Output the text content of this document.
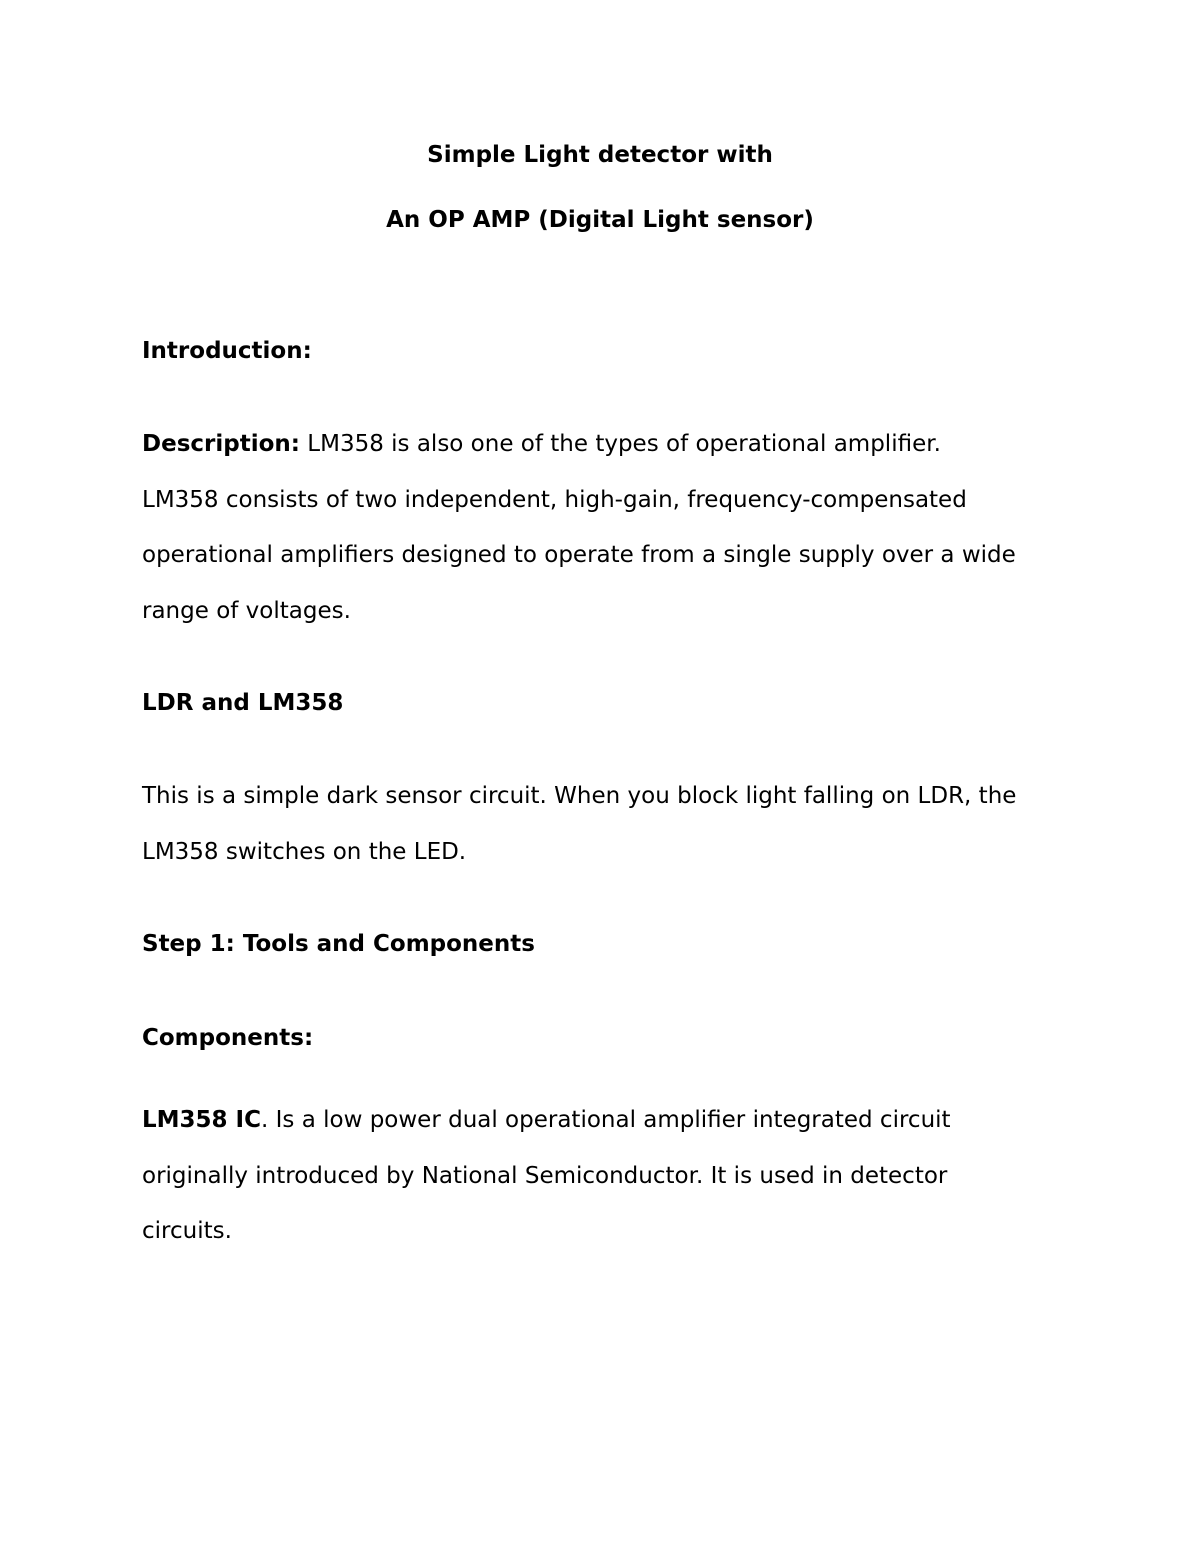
Simple Light detector with

An OP AMP (Digital Light sensor)

Introduction:

Description: LM358 is also one of the types of operational amplifier.
LM358 consists of two independent, high-gain, frequency-compensated
operational amplifiers designed to operate from a single supply over a wide
range of voltages.

LDR and LM358

This is a simple dark sensor circuit. When you block light falling on LDR, the
LM358 switches on the LED.

Step 1: Tools and Components

Components:

LM358 IC. Is a low power dual operational amplifier integrated circuit
originally introduced by National Semiconductor. It is used in detector
circuits.
